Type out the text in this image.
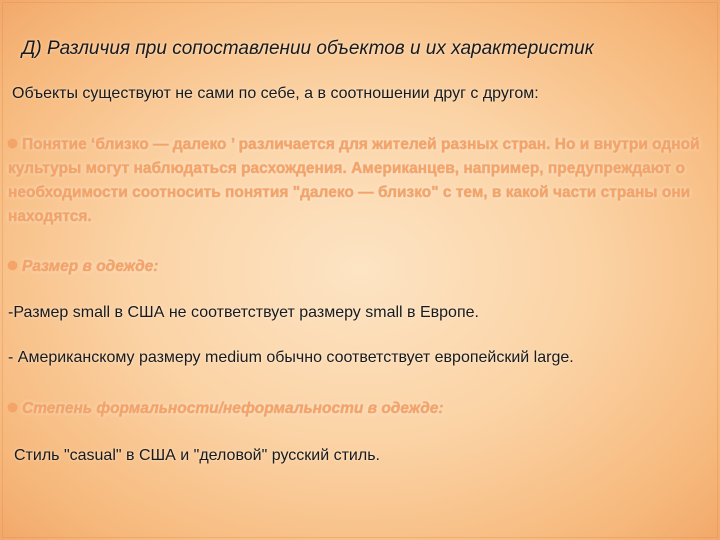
Д) Различия при сопоставлении объектов и их характеристик
Объекты существуют не сами по себе, а в соотношении друг с другом:
Понятие ‘близко — далеко ’ различается для жителей разных стран. Но и внутри одной культуры могут наблюдаться расхождения. Американцев, например, предупреждают о необходимости соотносить понятия "далеко — близко" с тем, в какой части страны они находятся.
Размер в одежде:
-Размер small в США не соответствует размеру small в Европе.
- Американскому размеру medium обычно соответствует европейский large.
Степень формальности/неформальности в одежде:
Стиль "casual" в США и "деловой" русский стиль.
